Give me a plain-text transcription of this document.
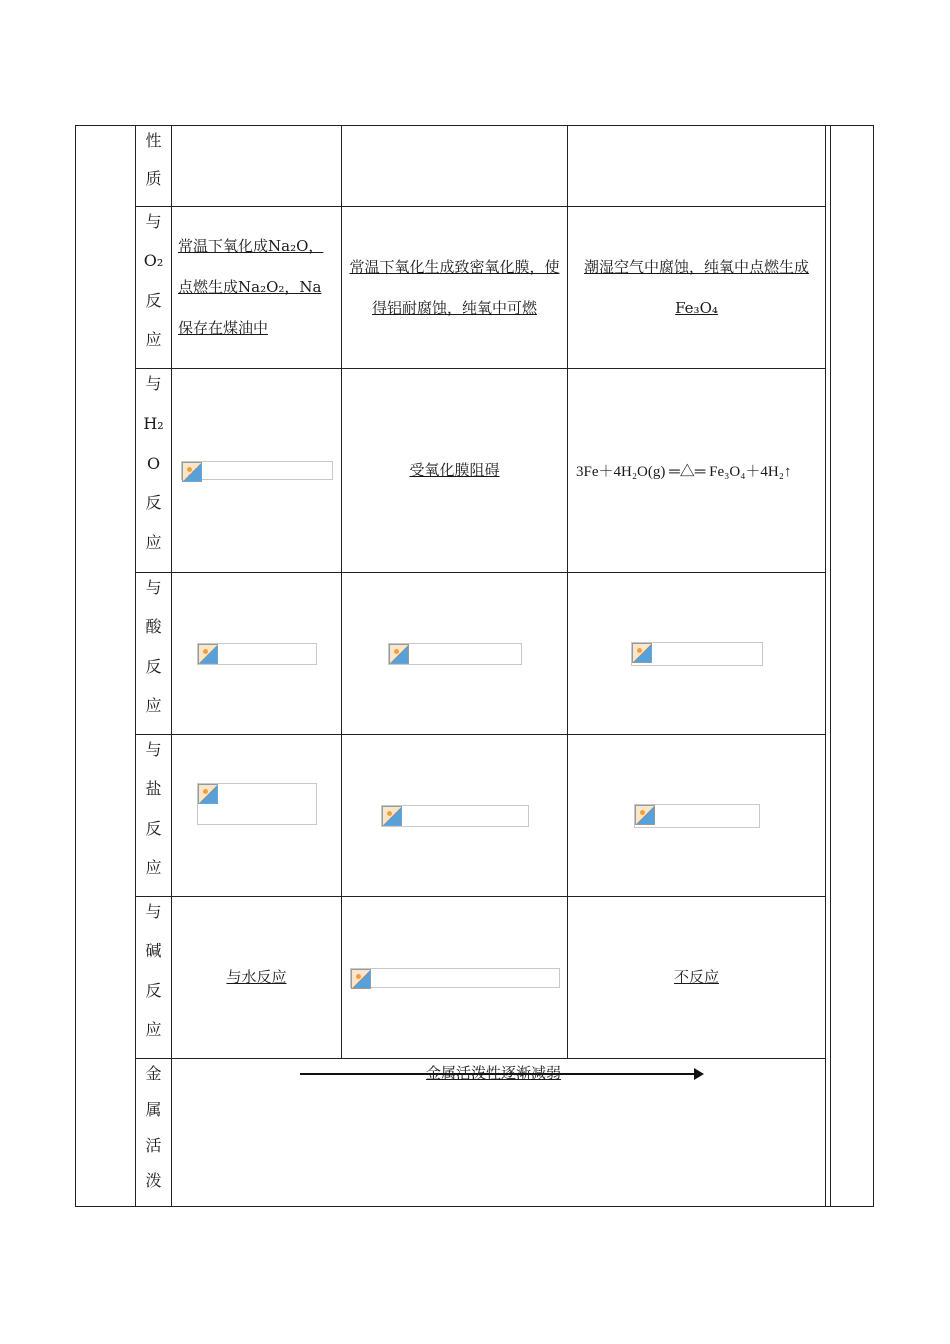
性
质
与
O₂
反
应
常温下氧化成Na₂O，点燃生成Na₂O₂，Na保存在煤油中
常温下氧化生成致密氧化膜，使得铝耐腐蚀，纯氧中可燃
潮湿空气中腐蚀，纯氧中点燃生成Fe₃O₄
与
H₂
O
反
应
受氧化膜阻碍	3Fe＋4H₂O(g) ═△═ Fe₃O₄＋4H₂↑
与
酸
反
应
与
盐
反
应
与
碱
反
应
与水反应	不反应
金
属
活
泼
金属活泼性逐渐减弱
